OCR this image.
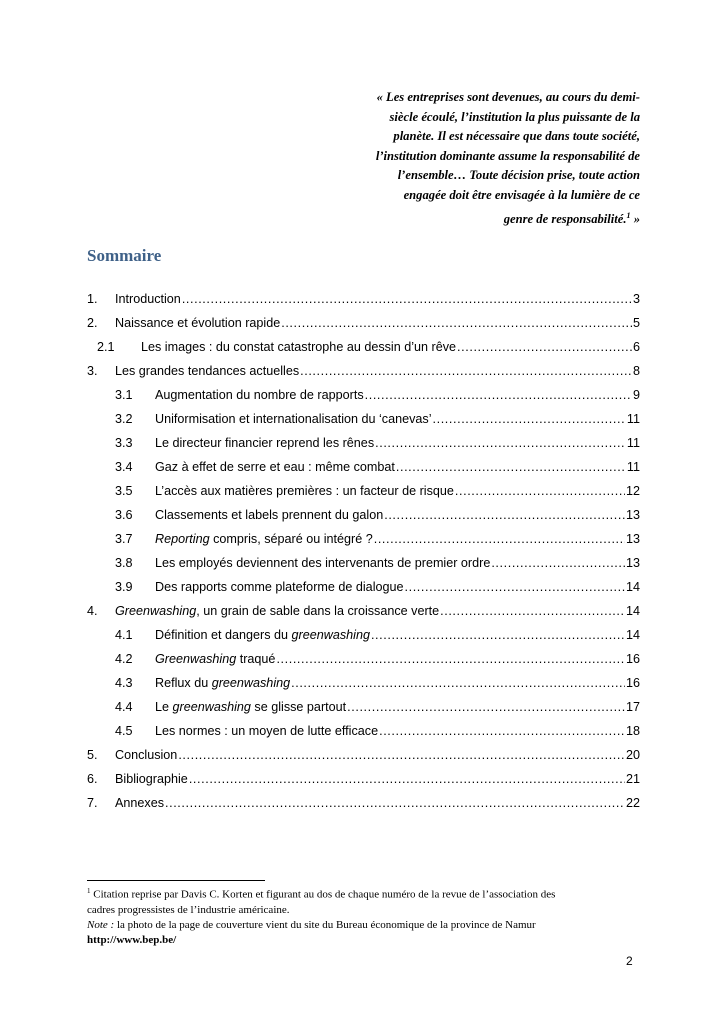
« Les entreprises sont devenues, au cours du demi-
siècle écoulé, l’institution la plus puissante de la
planète. Il est nécessaire que dans toute société,
l’institution dominante assume la responsabilité de
l’ensemble… Toute décision prise, toute action
engagée doit être envisagée à la lumière de ce
genre de responsabilité.$^1$ »
Sommaire
1.	Introduction .....	3
2.	Naissance et évolution rapide .....	5
2.1	Les images : du constat catastrophe au dessin d’un rêve .....	6
3.	Les grandes tendances actuelles .....	8
3.1	Augmentation du nombre de rapports .....	9
3.2	Uniformisation et internationalisation du ‘canevas’ .....	11
3.3	Le directeur financier reprend les rênes .....	11
3.4	Gaz à effet de serre et eau : même combat .....	11
3.5	L’accès aux matières premières : un facteur de risque .....	12
3.6	Classements et labels prennent du galon .....	13
3.7	Reporting compris, séparé ou intégré ? .....	13
3.8	Les employés deviennent des intervenants de premier ordre .....	13
3.9	Des rapports comme plateforme de dialogue .....	14
4.	Greenwashing, un grain de sable dans la croissance verte .....	14
4.1	Définition et dangers du greenwashing .....	14
4.2	Greenwashing traqué .....	16
4.3	Reflux du greenwashing .....	16
4.4	Le greenwashing se glisse partout .....	17
4.5	Les normes : un moyen de lutte efficace .....	18
5.	Conclusion .....	20
6.	Bibliographie .....	21
7.	Annexes .....	22
$^1$ Citation reprise par Davis C. Korten et figurant au dos de chaque numéro de la revue de l’association des
cadres progressistes de l’industrie américaine.
Note : la photo de la page de couverture vient du site du Bureau économique de la province de Namur
http://www.bep.be/
2
